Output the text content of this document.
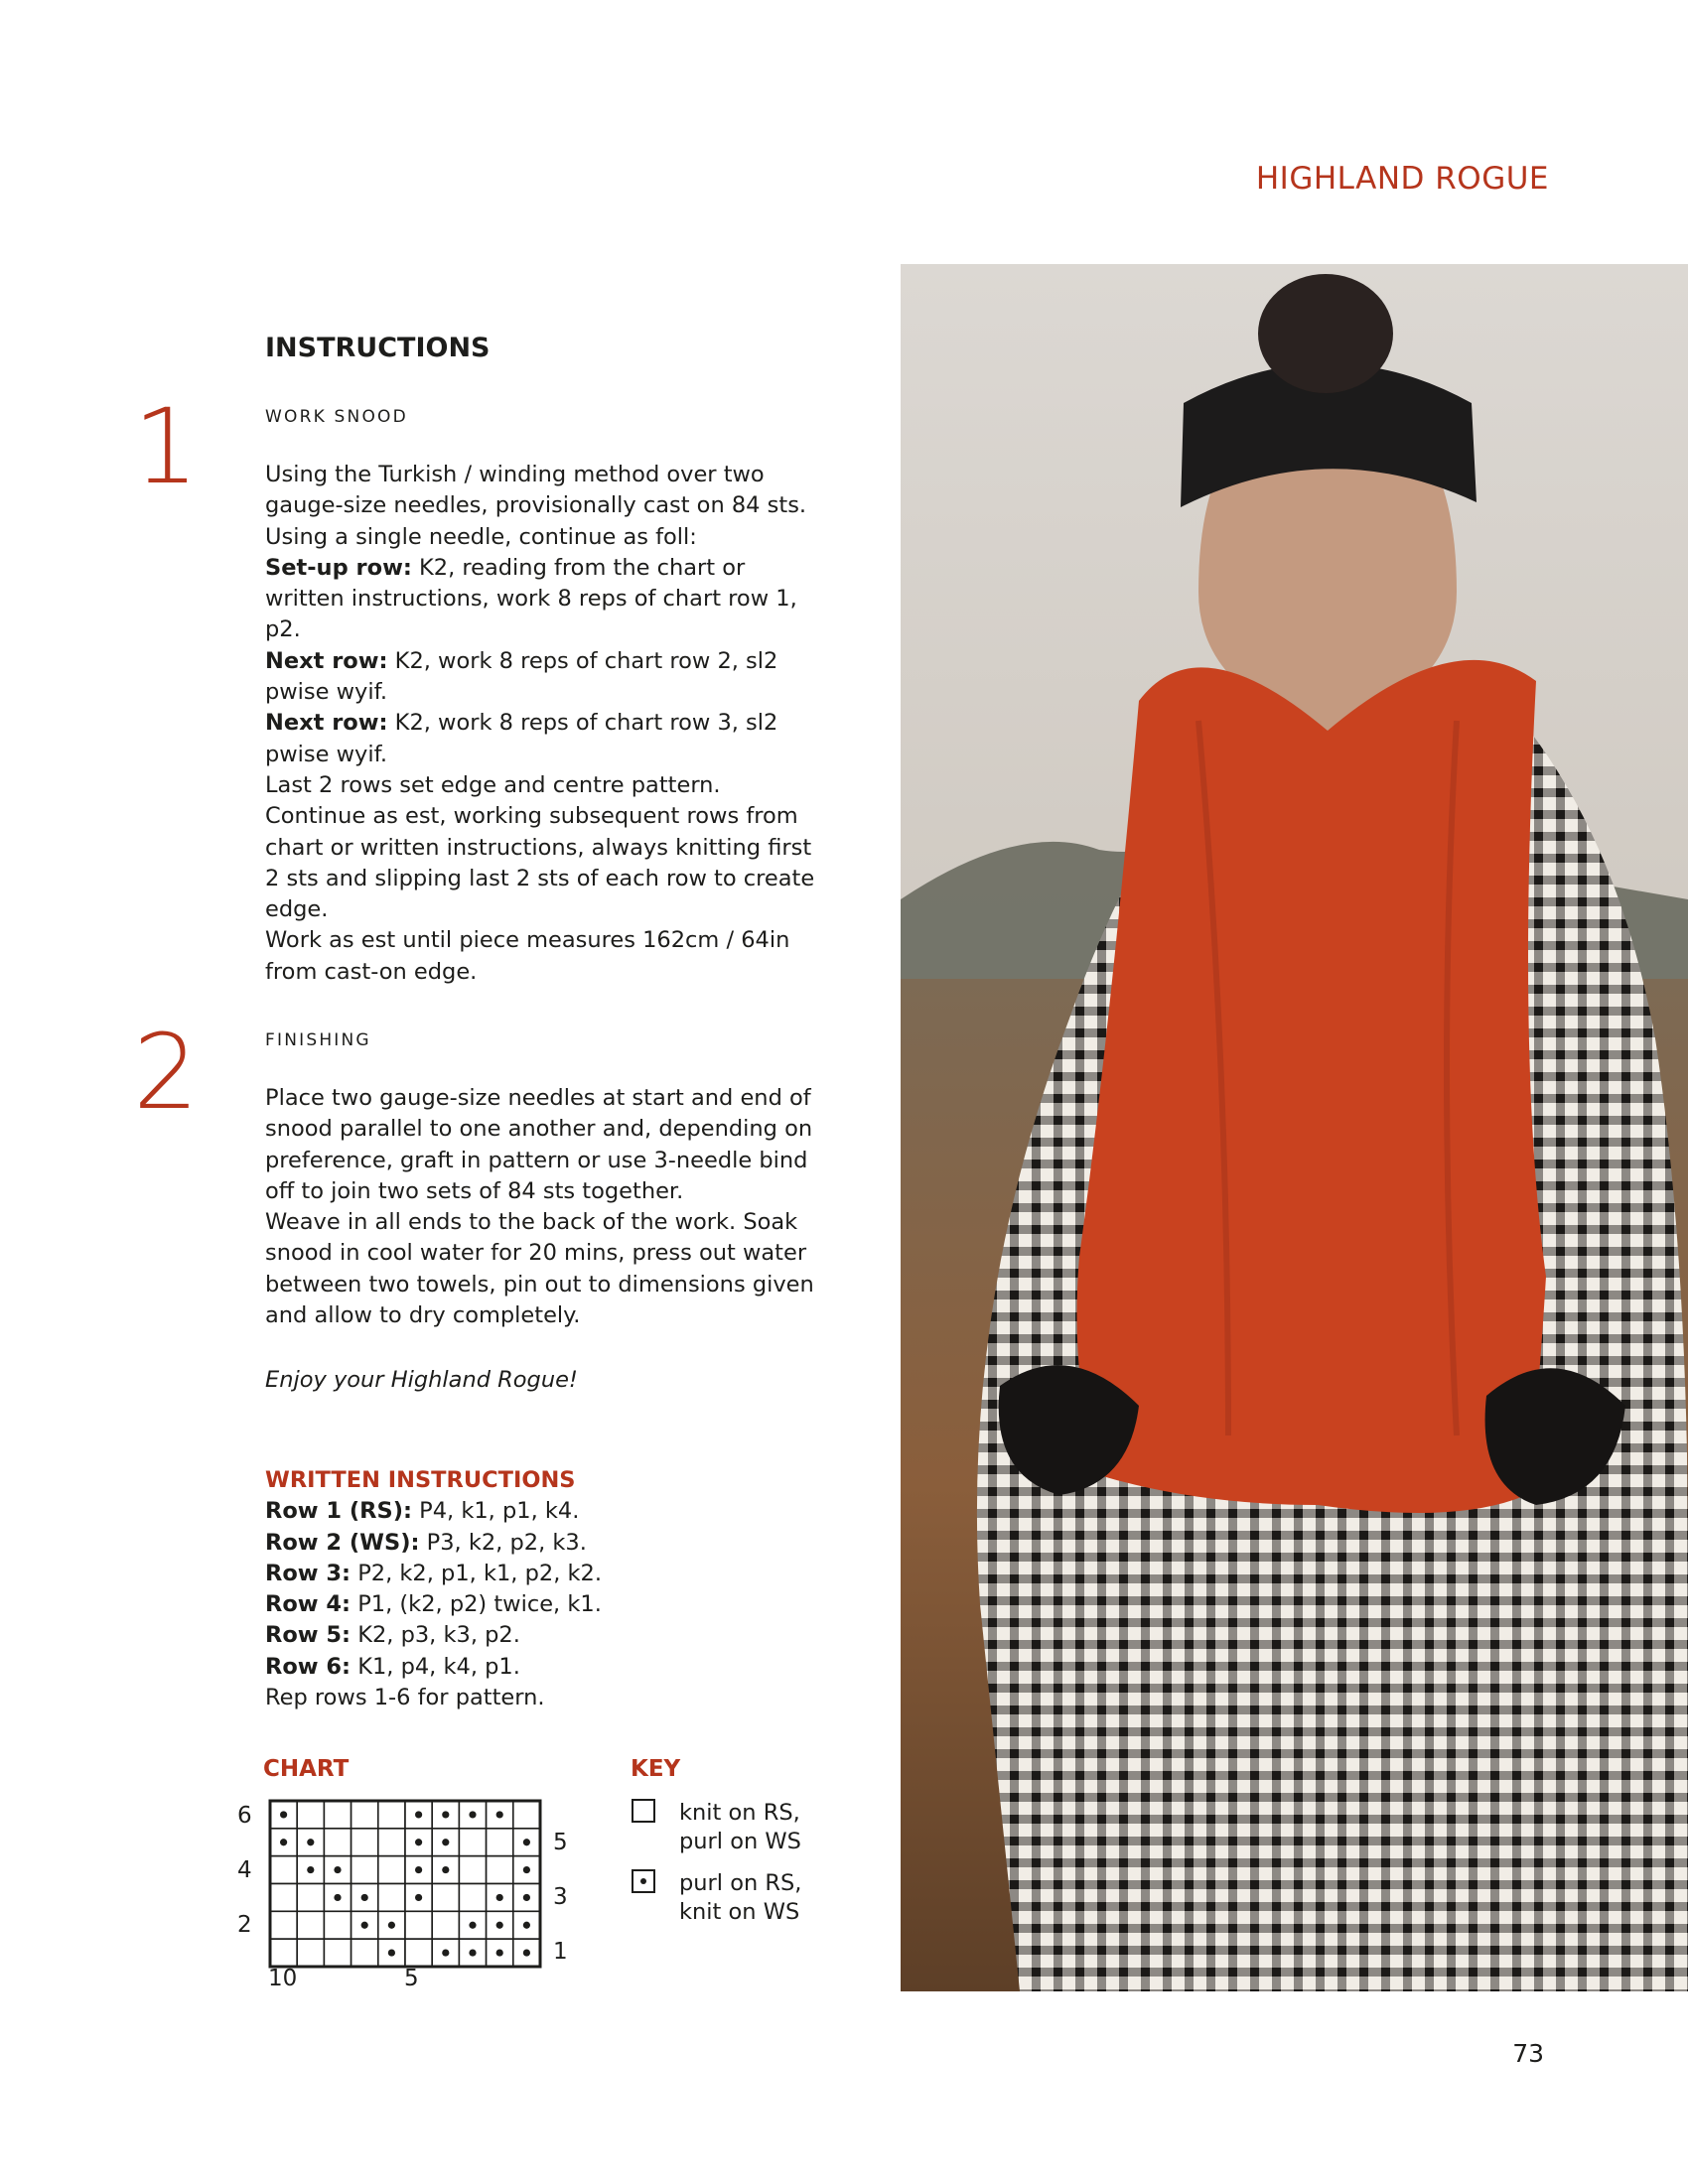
HIGHLAND ROGUE
1
2
INSTRUCTIONS
WORK SNOOD
Using the Turkish / winding method over two
gauge-size needles, provisionally cast on 84 sts.
Using a single needle, continue as foll:
Set-up row: K2, reading from the chart or
written instructions, work 8 reps of chart row 1,
p2.
Next row: K2, work 8 reps of chart row 2, sl2
pwise wyif.
Next row: K2, work 8 reps of chart row 3, sl2
pwise wyif.
Last 2 rows set edge and centre pattern.
Continue as est, working subsequent rows from
chart or written instructions, always knitting first
2 sts and slipping last 2 sts of each row to create
edge.
Work as est until piece measures 162cm / 64in
from cast-on edge.
FINISHING
Place two gauge-size needles at start and end of
snood parallel to one another and, depending on
preference, graft in pattern or use 3-needle bind
off to join two sets of 84 sts together.
Weave in all ends to the back of the work. Soak
snood in cool water for 20 mins, press out water
between two towels, pin out to dimensions given
and allow to dry completely.
Enjoy your Highland Rogue!
WRITTEN INSTRUCTIONS
Row 1 (RS): P4, k1, p1, k4.
Row 2 (WS): P3, k2, p2, k3.
Row 3: P2, k2, p1, k1, p2, k2.
Row 4: P1, (k2, p2) twice, k1.
Row 5: K2, p3, k3, p2.
Row 6: K1, p4, k4, p1.
Rep rows 1-6 for pattern.
CHART
6
4
2
5
3
1
10	5
KEY
knit on RS,
purl on WS
purl on RS,
knit on WS
73
